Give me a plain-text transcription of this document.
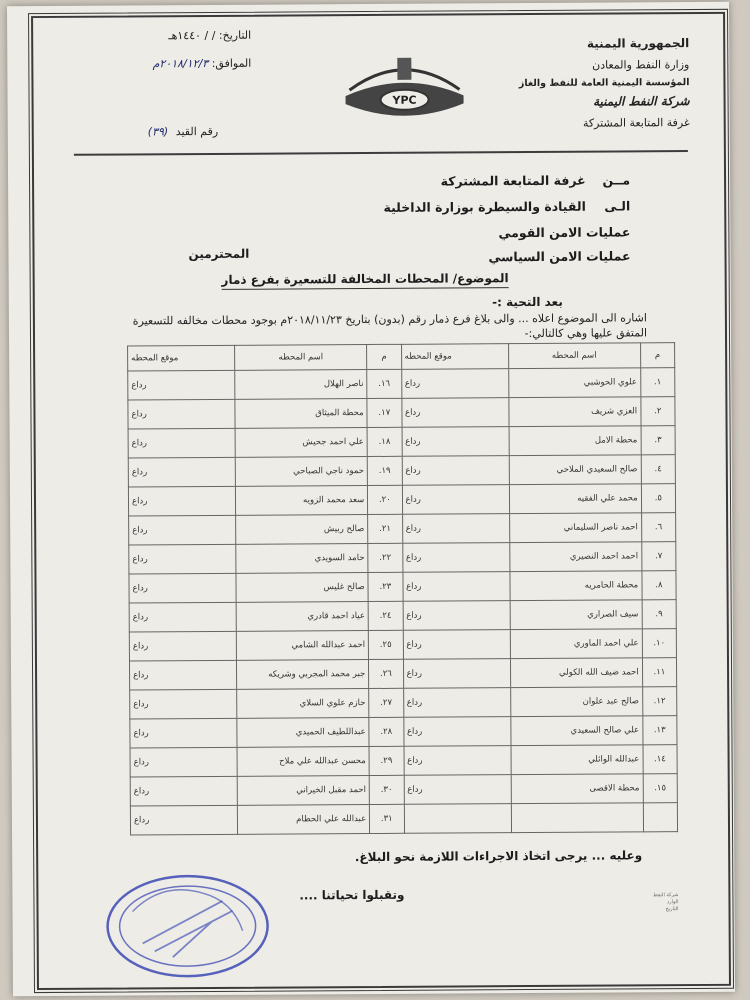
الجمهورية اليمنية
وزارة النفط والمعادن
المؤسسة اليمنية العامة للنفط والغاز
شركة النفط اليمنية
غرفة المتابعة المشتركة
التاريخ: / / ١٤٤٠هـ
الموافق: ٢٠١٨/١٢/٣م
رقم القيد (٣٩)
YPC
مــن غرفة المتابعة المشتركة
الـى القيادة والسيطرة بوزارة الداخلية
عمليات الامن القومي
عمليات الامن السياسي
المحترمين
الموضوع/ المحطات المخالفة للتسعيرة بفرع ذمار
بعد التحية :-
اشاره الى الموضوع اعلاه ... والى بلاغ فرع ذمار رقم (بدون) بتاريخ ٢٠١٨/١١/٢٣م بوجود محطات مخالفه للتسعيرة المتفق عليها وهي كالتالي:-
م	اسم المحطه	موقع المحطه	م	اسم المحطه	موقع المحطه
١.	علوي الحوشبي	رداع	١٦.	ناصر الهلال	رداع
٢.	العزي شريف	رداع	١٧.	محطة الميثاق	رداع
٣.	محطة الامل	رداع	١٨.	علي احمد جحيش	رداع
٤.	صالح السعيدي الملاحي	رداع	١٩.	حمود ناجي الصباحي	رداع
٥.	محمد علي الفقيه	رداع	٢٠.	سعد محمد الزويه	رداع
٦.	احمد ناصر السليماني	رداع	٢١.	صالح ربيش	رداع
٧.	احمد احمد النصيري	رداع	٢٢.	حامد السويدي	رداع
٨.	محطة الحامريه	رداع	٢٣.	صالح غليس	رداع
٩.	سيف الصراري	رداع	٢٤.	عياد احمد قادري	رداع
١٠.	علي احمد الماوري	رداع	٢٥.	احمد عبدالله الشامي	رداع
١١.	احمد ضيف الله الكولي	رداع	٢٦.	جبر محمد المجربي وشريكه	رداع
١٢.	صالح عبد علوان	رداع	٢٧.	حازم علوي السلاي	رداع
١٣.	علي صالح السعيدي	رداع	٢٨.	عبداللطيف الحميدي	رداع
١٤.	عبدالله الوائلي	رداع	٢٩.	محسن عبدالله علي ملاح	رداع
١٥.	محطة الاقصى	رداع	٣٠.	احمد مقبل الخيراني	رداع
			٣١.	عبدالله علي الحطام	رداع
وعليه ... يرجى اتخاذ الاجراءات اللازمة نحو البلاغ.
وتقبلوا تحياتنا ....	شركة النفط
الوارد
التاريخ
